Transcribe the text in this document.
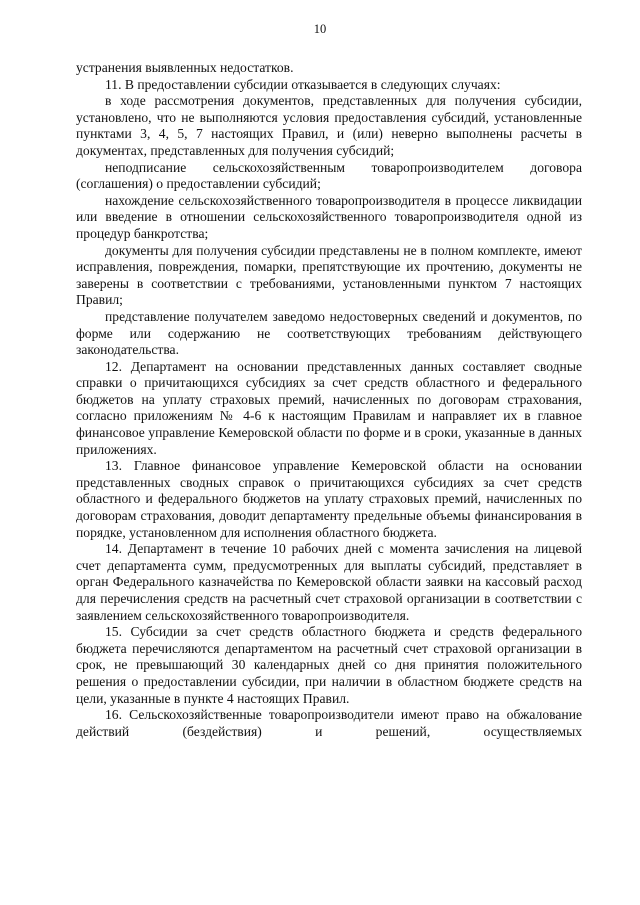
10

устранения выявленных недостатков.

11. В предоставлении субсидии отказывается в следующих случаях:

в ходе рассмотрения документов, представленных для получения субсидии, установлено, что не выполняются условия предоставления субсидий, установленные пунктами 3, 4, 5, 7 настоящих Правил, и (или) неверно выполнены расчеты в документах, представленных для получения субсидий;

неподписание сельскохозяйственным товаропроизводителем договора (соглашения) о предоставлении субсидий;

нахождение сельскохозяйственного товаропроизводителя в процессе ликвидации или введение в отношении сельскохозяйственного товаропроизводителя одной из процедур банкротства;

документы для получения субсидии представлены не в полном комплекте, имеют исправления, повреждения, помарки, препятствующие их прочтению, документы не заверены в соответствии с требованиями, установленными пунктом 7 настоящих Правил;

представление получателем заведомо недостоверных сведений и документов, по форме или содержанию не соответствующих требованиям действующего законодательства.

12. Департамент на основании представленных данных составляет сводные справки о причитающихся субсидиях за счет средств областного и федерального бюджетов на уплату страховых премий, начисленных по договорам страхования, согласно приложениям № 4-6 к настоящим Правилам и направляет их в главное финансовое управление Кемеровской области по форме и в сроки, указанные в данных приложениях.

13. Главное финансовое управление Кемеровской области на основании представленных сводных справок о причитающихся субсидиях за счет средств областного и федерального бюджетов на уплату страховых премий, начисленных по договорам страхования, доводит департаменту предельные объемы финансирования в порядке, установленном для исполнения областного бюджета.

14. Департамент в течение 10 рабочих дней с момента зачисления на лицевой счет департамента сумм, предусмотренных для выплаты субсидий, представляет в орган Федерального казначейства по Кемеровской области заявки на кассовый расход для перечисления средств на расчетный счет страховой организации в соответствии с заявлением сельскохозяйственного товаропроизводителя.

15. Субсидии за счет средств областного бюджета и средств федерального бюджета перечисляются департаментом на расчетный счет страховой организации в срок, не превышающий 30 календарных дней со дня принятия положительного решения о предоставлении субсидии, при наличии в областном бюджете средств на цели, указанные в пункте 4 настоящих Правил.

16. Сельскохозяйственные товаропроизводители имеют право на обжалование действий (бездействия) и решений, осуществляемых
